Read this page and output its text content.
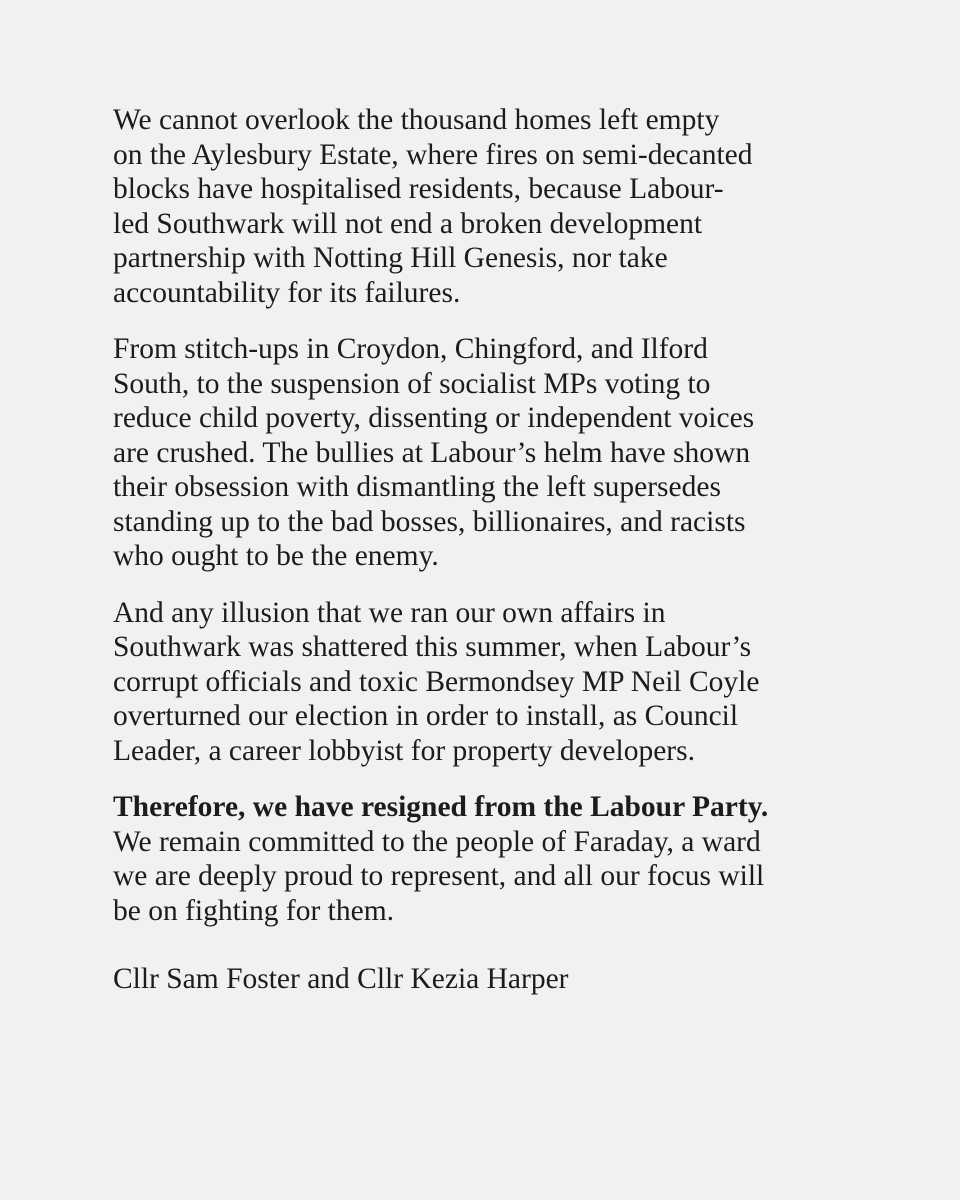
We cannot overlook the thousand homes left empty
on the Aylesbury Estate, where fires on semi-decanted
blocks have hospitalised residents, because Labour-
led Southwark will not end a broken development
partnership with Notting Hill Genesis, nor take
accountability for its failures.

From stitch-ups in Croydon, Chingford, and Ilford
South, to the suspension of socialist MPs voting to
reduce child poverty, dissenting or independent voices
are crushed. The bullies at Labour’s helm have shown
their obsession with dismantling the left supersedes
standing up to the bad bosses, billionaires, and racists
who ought to be the enemy.

And any illusion that we ran our own affairs in
Southwark was shattered this summer, when Labour’s
corrupt officials and toxic Bermondsey MP Neil Coyle
overturned our election in order to install, as Council
Leader, a career lobbyist for property developers.

Therefore, we have resigned from the Labour Party.
We remain committed to the people of Faraday, a ward
we are deeply proud to represent, and all our focus will
be on fighting for them.

Cllr Sam Foster and Cllr Kezia Harper
